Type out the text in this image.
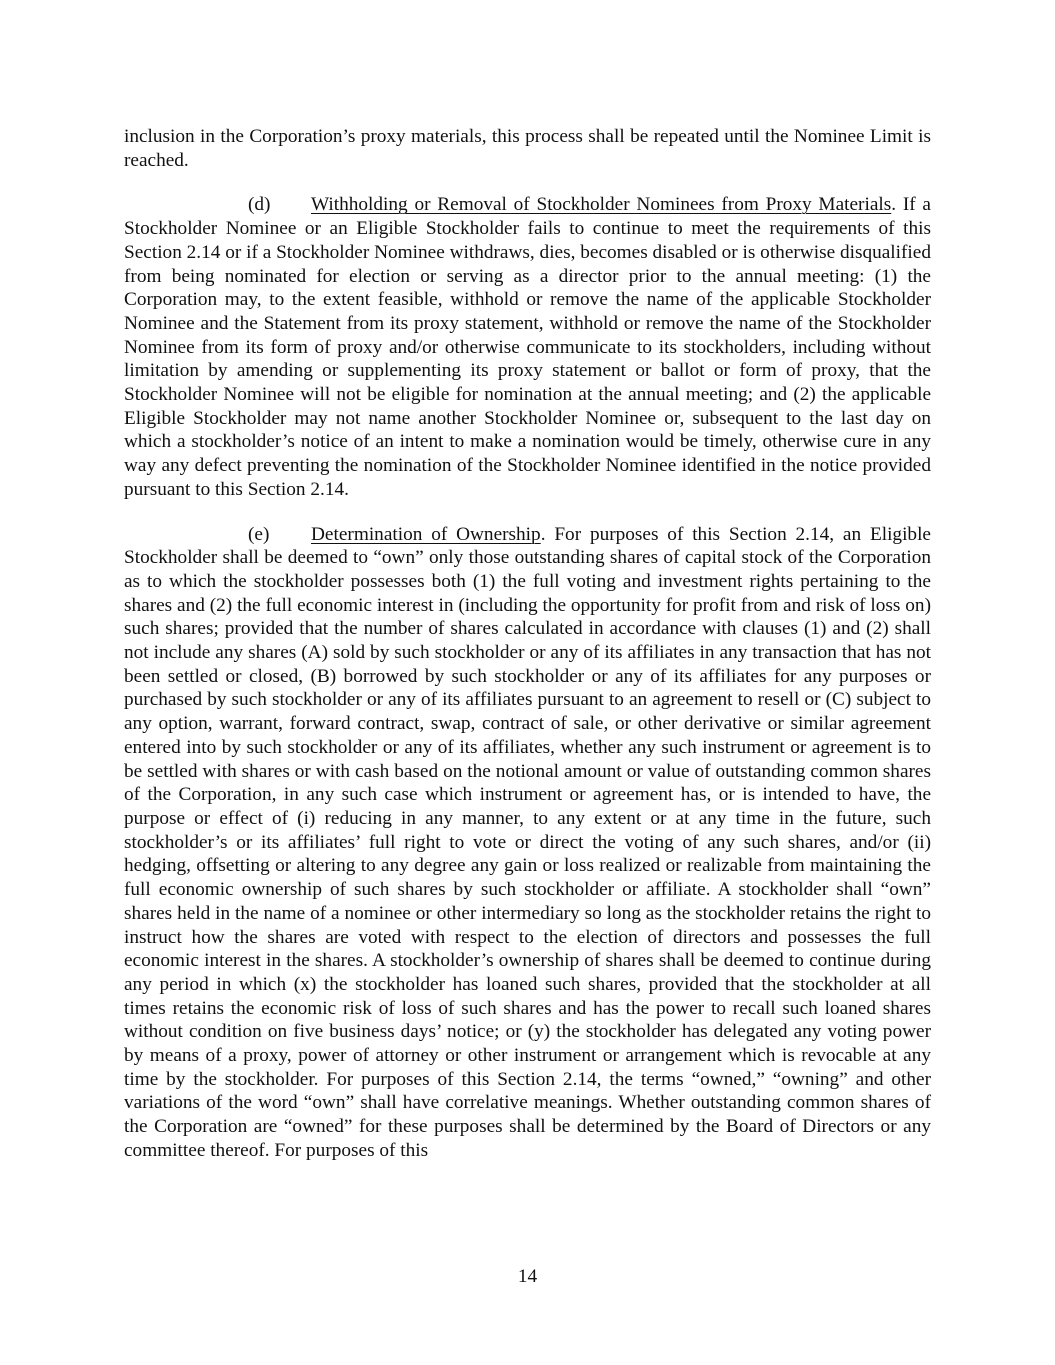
inclusion in the Corporation’s proxy materials, this process shall be repeated until the Nominee Limit is reached.

(d) Withholding or Removal of Stockholder Nominees from Proxy Materials. If a Stockholder Nominee or an Eligible Stockholder fails to continue to meet the requirements of this Section 2.14 or if a Stockholder Nominee withdraws, dies, becomes disabled or is otherwise disqualified from being nominated for election or serving as a director prior to the annual meeting: (1) the Corporation may, to the extent feasible, withhold or remove the name of the applicable Stockholder Nominee and the Statement from its proxy statement, withhold or remove the name of the Stockholder Nominee from its form of proxy and/or otherwise communicate to its stockholders, including without limitation by amending or supplementing its proxy statement or ballot or form of proxy, that the Stockholder Nominee will not be eligible for nomination at the annual meeting; and (2) the applicable Eligible Stockholder may not name another Stockholder Nominee or, subsequent to the last day on which a stockholder’s notice of an intent to make a nomination would be timely, otherwise cure in any way any defect preventing the nomination of the Stockholder Nominee identified in the notice provided pursuant to this Section 2.14.

(e) Determination of Ownership. For purposes of this Section 2.14, an Eligible Stockholder shall be deemed to “own” only those outstanding shares of capital stock of the Corporation as to which the stockholder possesses both (1) the full voting and investment rights pertaining to the shares and (2) the full economic interest in (including the opportunity for profit from and risk of loss on) such shares; provided that the number of shares calculated in accordance with clauses (1) and (2) shall not include any shares (A) sold by such stockholder or any of its affiliates in any transaction that has not been settled or closed, (B) borrowed by such stockholder or any of its affiliates for any purposes or purchased by such stockholder or any of its affiliates pursuant to an agreement to resell or (C) subject to any option, warrant, forward contract, swap, contract of sale, or other derivative or similar agreement entered into by such stockholder or any of its affiliates, whether any such instrument or agreement is to be settled with shares or with cash based on the notional amount or value of outstanding common shares of the Corporation, in any such case which instrument or agreement has, or is intended to have, the purpose or effect of (i) reducing in any manner, to any extent or at any time in the future, such stockholder’s or its affiliates’ full right to vote or direct the voting of any such shares, and/or (ii) hedging, offsetting or altering to any degree any gain or loss realized or realizable from maintaining the full economic ownership of such shares by such stockholder or affiliate. A stockholder shall “own” shares held in the name of a nominee or other intermediary so long as the stockholder retains the right to instruct how the shares are voted with respect to the election of directors and possesses the full economic interest in the shares. A stockholder’s ownership of shares shall be deemed to continue during any period in which (x) the stockholder has loaned such shares, provided that the stockholder at all times retains the economic risk of loss of such shares and has the power to recall such loaned shares without condition on five business days’ notice; or (y) the stockholder has delegated any voting power by means of a proxy, power of attorney or other instrument or arrangement which is revocable at any time by the stockholder. For purposes of this Section 2.14, the terms “owned,” “owning” and other variations of the word “own” shall have correlative meanings. Whether outstanding common shares of the Corporation are “owned” for these purposes shall be determined by the Board of Directors or any committee thereof. For purposes of this

14
